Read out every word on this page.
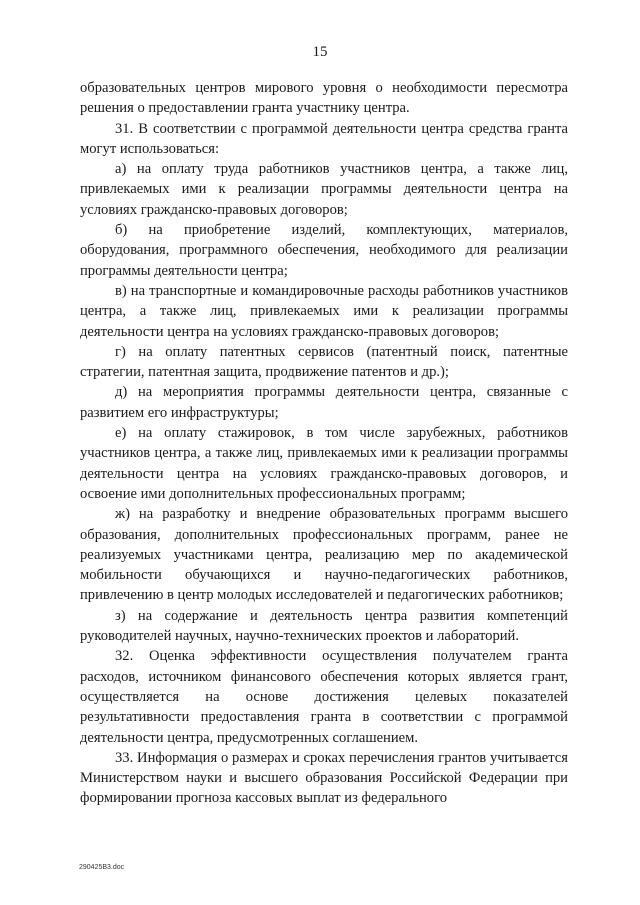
15

образовательных центров мирового уровня о необходимости пересмотра решения о предоставлении гранта участнику центра.

31. В соответствии с программой деятельности центра средства гранта могут использоваться:

а) на оплату труда работников участников центра, а также лиц, привлекаемых ими к реализации программы деятельности центра на условиях гражданско-правовых договоров;

б) на приобретение изделий, комплектующих, материалов, оборудования, программного обеспечения, необходимого для реализации программы деятельности центра;

в) на транспортные и командировочные расходы работников участников центра, а также лиц, привлекаемых ими к реализации программы деятельности центра на условиях гражданско-правовых договоров;

г) на оплату патентных сервисов (патентный поиск, патентные стратегии, патентная защита, продвижение патентов и др.);

д) на мероприятия программы деятельности центра, связанные с развитием его инфраструктуры;

е) на оплату стажировок, в том числе зарубежных, работников участников центра, а также лиц, привлекаемых ими к реализации программы деятельности центра на условиях гражданско-правовых договоров, и освоение ими дополнительных профессиональных программ;

ж) на разработку и внедрение образовательных программ высшего образования, дополнительных профессиональных программ, ранее не реализуемых участниками центра, реализацию мер по академической мобильности обучающихся и научно-педагогических работников, привлечению в центр молодых исследователей и педагогических работников;

з) на содержание и деятельность центра развития компетенций руководителей научных, научно-технических проектов и лабораторий.

32. Оценка эффективности осуществления получателем гранта расходов, источником финансового обеспечения которых является грант, осуществляется на основе достижения целевых показателей результативности предоставления гранта в соответствии с программой деятельности центра, предусмотренных соглашением.

33. Информация о размерах и сроках перечисления грантов учитывается Министерством науки и высшего образования Российской Федерации при формировании прогноза кассовых выплат из федерального

290425В3.doc
